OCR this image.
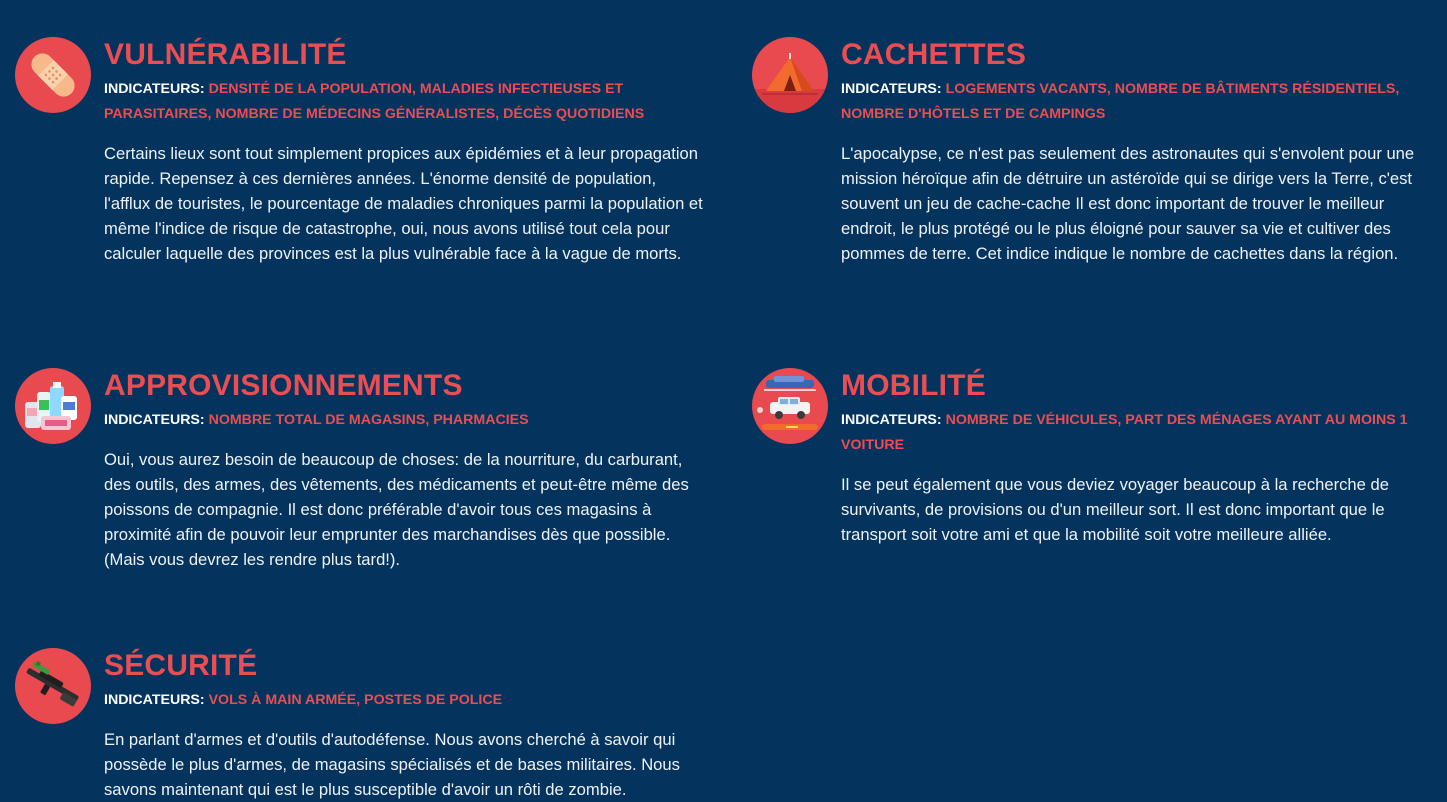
VULNÉRABILITÉ

INDICATEURS: DENSITÉ DE LA POPULATION, MALADIES INFECTIEUSES ET PARASITAIRES, NOMBRE DE MÉDECINS GÉNÉRALISTES, DÉCÈS QUOTIDIENS

Certains lieux sont tout simplement propices aux épidémies et à leur propagation rapide. Repensez à ces dernières années. L'énorme densité de population, l'afflux de touristes, le pourcentage de maladies chroniques parmi la population et même l'indice de risque de catastrophe, oui, nous avons utilisé tout cela pour calculer laquelle des provinces est la plus vulnérable face à la vague de morts.

CACHETTES

INDICATEURS: LOGEMENTS VACANTS, NOMBRE DE BÂTIMENTS RÉSIDENTIELS, NOMBRE D'HÔTELS ET DE CAMPINGS

L'apocalypse, ce n'est pas seulement des astronautes qui s'envolent pour une mission héroïque afin de détruire un astéroïde qui se dirige vers la Terre, c'est souvent un jeu de cache-cache Il est donc important de trouver le meilleur endroit, le plus protégé ou le plus éloigné pour sauver sa vie et cultiver des pommes de terre. Cet indice indique le nombre de cachettes dans la région.

APPROVISIONNEMENTS

INDICATEURS: NOMBRE TOTAL DE MAGASINS, PHARMACIES

Oui, vous aurez besoin de beaucoup de choses: de la nourriture, du carburant, des outils, des armes, des vêtements, des médicaments et peut-être même des poissons de compagnie. Il est donc préférable d'avoir tous ces magasins à proximité afin de pouvoir leur emprunter des marchandises dès que possible. (Mais vous devrez les rendre plus tard!).

MOBILITÉ

INDICATEURS: NOMBRE DE VÉHICULES, PART DES MÉNAGES AYANT AU MOINS 1 VOITURE

Il se peut également que vous deviez voyager beaucoup à la recherche de survivants, de provisions ou d'un meilleur sort. Il est donc important que le transport soit votre ami et que la mobilité soit votre meilleure alliée.

SÉCURITÉ

INDICATEURS: VOLS À MAIN ARMÉE, POSTES DE POLICE

En parlant d'armes et d'outils d'autodéfense. Nous avons cherché à savoir qui possède le plus d'armes, de magasins spécialisés et de bases militaires. Nous savons maintenant qui est le plus susceptible d'avoir un rôti de zombie.
